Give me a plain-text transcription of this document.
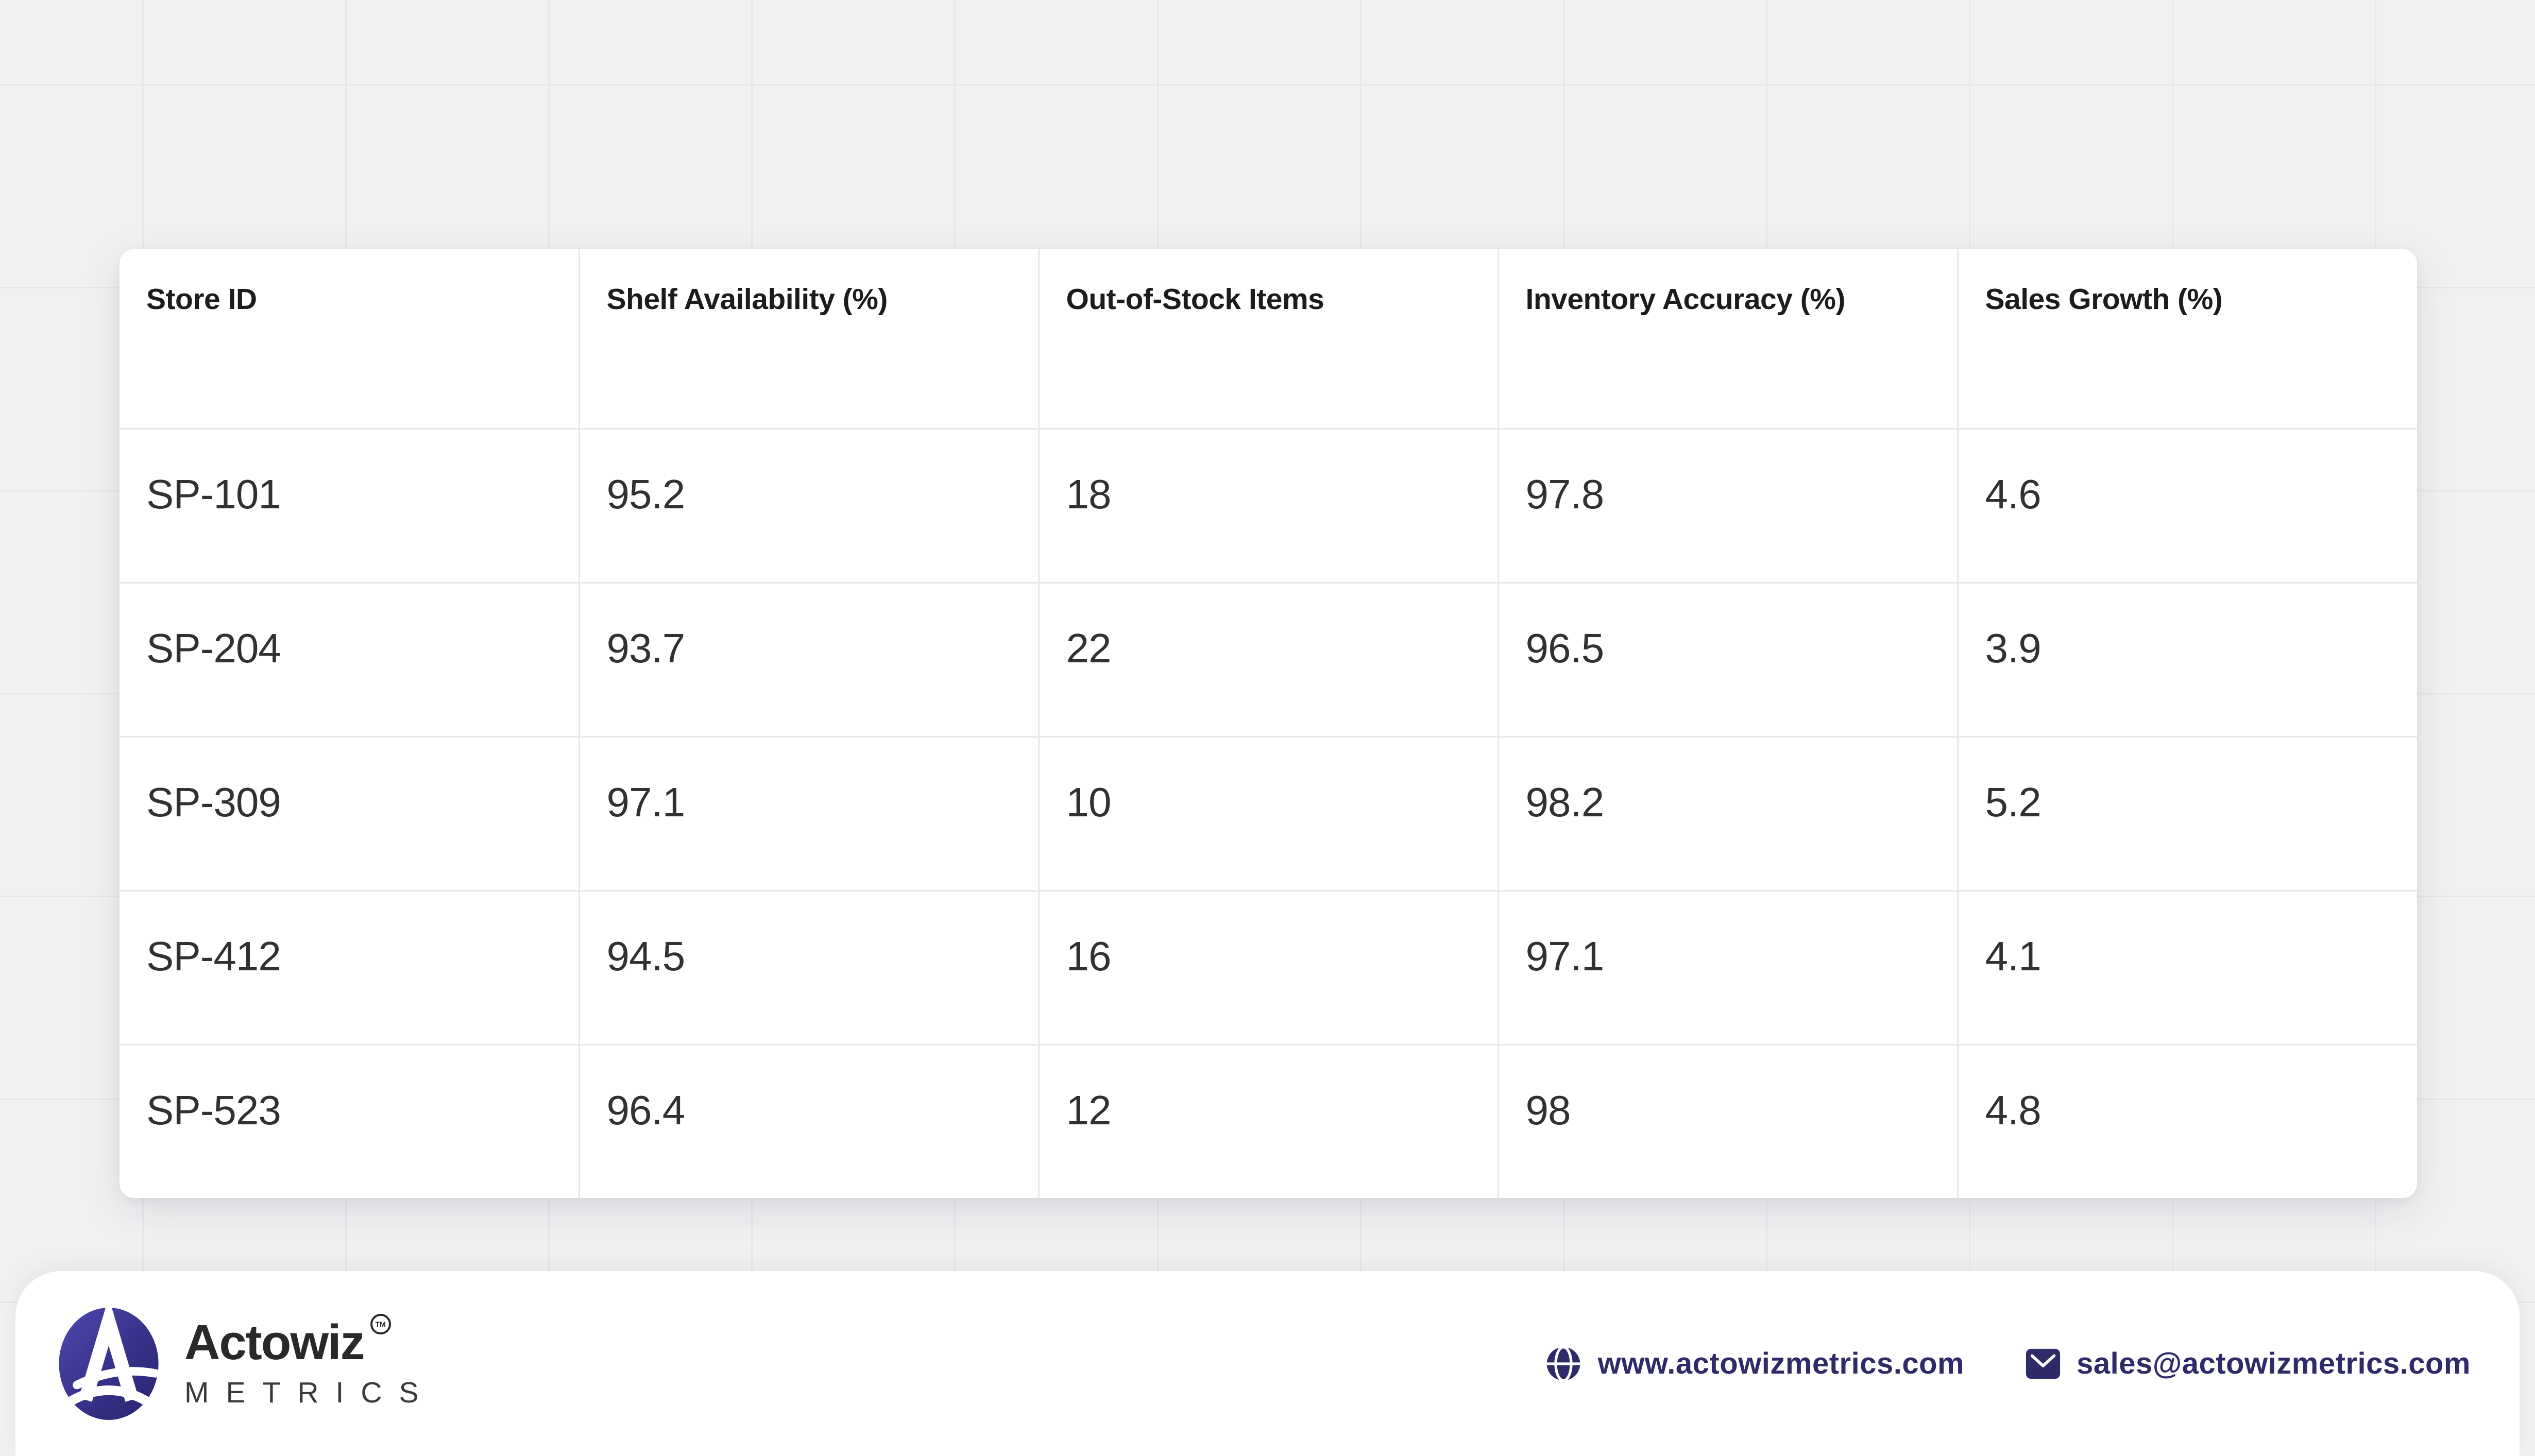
Store ID	Shelf Availability (%)	Out-of-Stock Items	Inventory Accuracy (%)	Sales Growth (%)
SP-101	95.2	18	97.8	4.6
SP-204	93.7	22	96.5	3.9
SP-309	97.1	10	98.2	5.2
SP-412	94.5	16	97.1	4.1
SP-523	96.4	12	98	4.8
Actowiz TM
METRICS
www.actowizmetrics.com	sales@actowizmetrics.com
